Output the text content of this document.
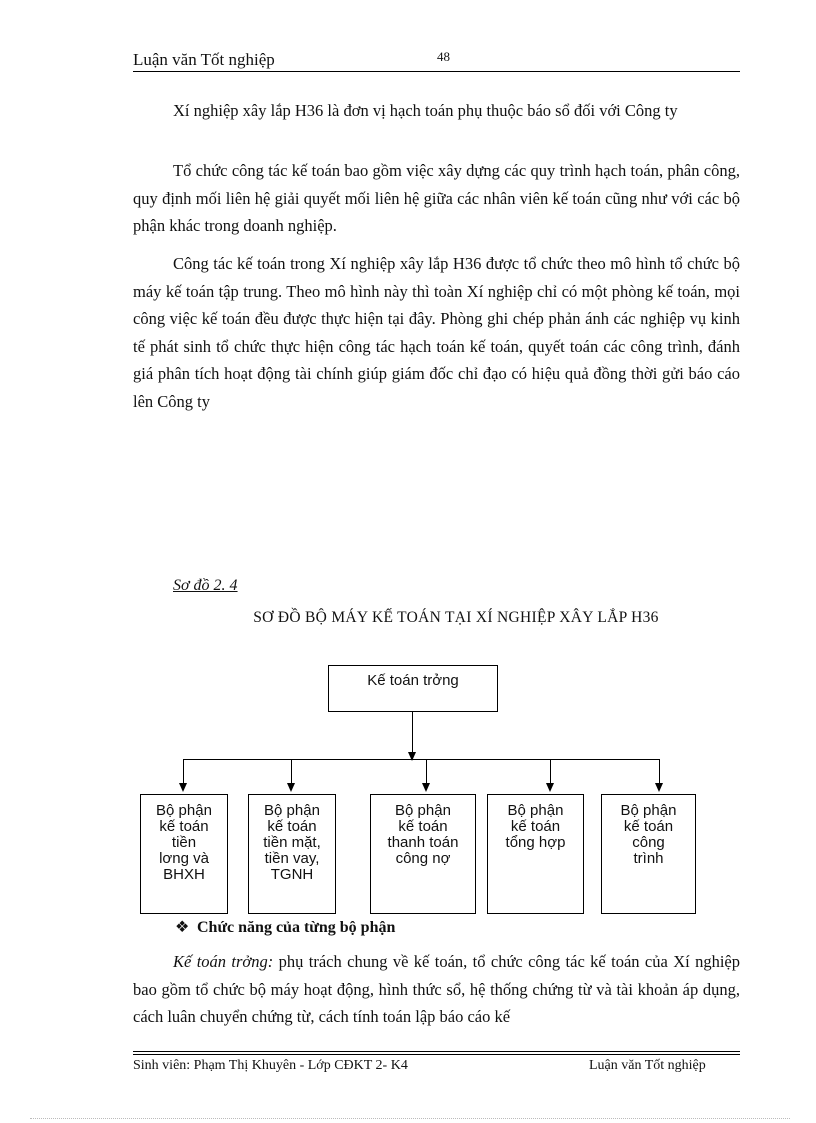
Luận văn Tốt nghiệp	48

Xí nghiệp xây lắp H36 là đơn vị hạch toán phụ thuộc báo sổ đối với Công ty

Tổ chức công tác kế toán bao gồm việc xây dựng các quy trình hạch toán, phân công, quy định mối liên hệ giải quyết mối liên hệ giữa các nhân viên kế toán cũng như với các bộ phận khác trong doanh nghiệp.

Công tác kế toán trong Xí nghiệp xây lắp H36 được tổ chức theo mô hình tổ chức bộ máy kế toán tập trung. Theo mô hình này thì toàn Xí nghiệp chỉ có một phòng kế toán, mọi công việc kế toán đều được thực hiện tại đây. Phòng ghi chép phản ánh các nghiệp vụ kinh tế phát sinh tổ chức thực hiện công tác hạch toán kế toán, quyết toán các công trình, đánh giá phân tích hoạt động tài chính giúp giám đốc chỉ đạo có hiệu quả đồng thời gửi báo cáo lên Công ty

Sơ đồ 2. 4
SƠ ĐỒ BỘ MÁY KẾ TOÁN TẠI XÍ NGHIỆP XÂY LẮP H36
Kế toán trởng
Bộ phận
kế toán
tiền
lơng và
BHXH
Bộ phận
kế toán
tiền mặt,
tiền vay,
TGNH
Bộ phận
kế toán
thanh toán
công nợ
Bộ phận
kế toán
tổng hợp
Bộ phận
kế toán
công
trình
❖ Chức năng của từng bộ phận

Kế toán trởng: phụ trách chung về kế toán, tổ chức công tác kế toán của Xí nghiệp bao gồm tổ chức bộ máy hoạt động, hình thức sổ, hệ thống chứng từ và tài khoản áp dụng, cách luân chuyển chứng từ, cách tính toán lập báo cáo kế

Sinh viên: Phạm Thị Khuyên - Lớp CĐKT 2- K4	Luận văn Tốt nghiệp
